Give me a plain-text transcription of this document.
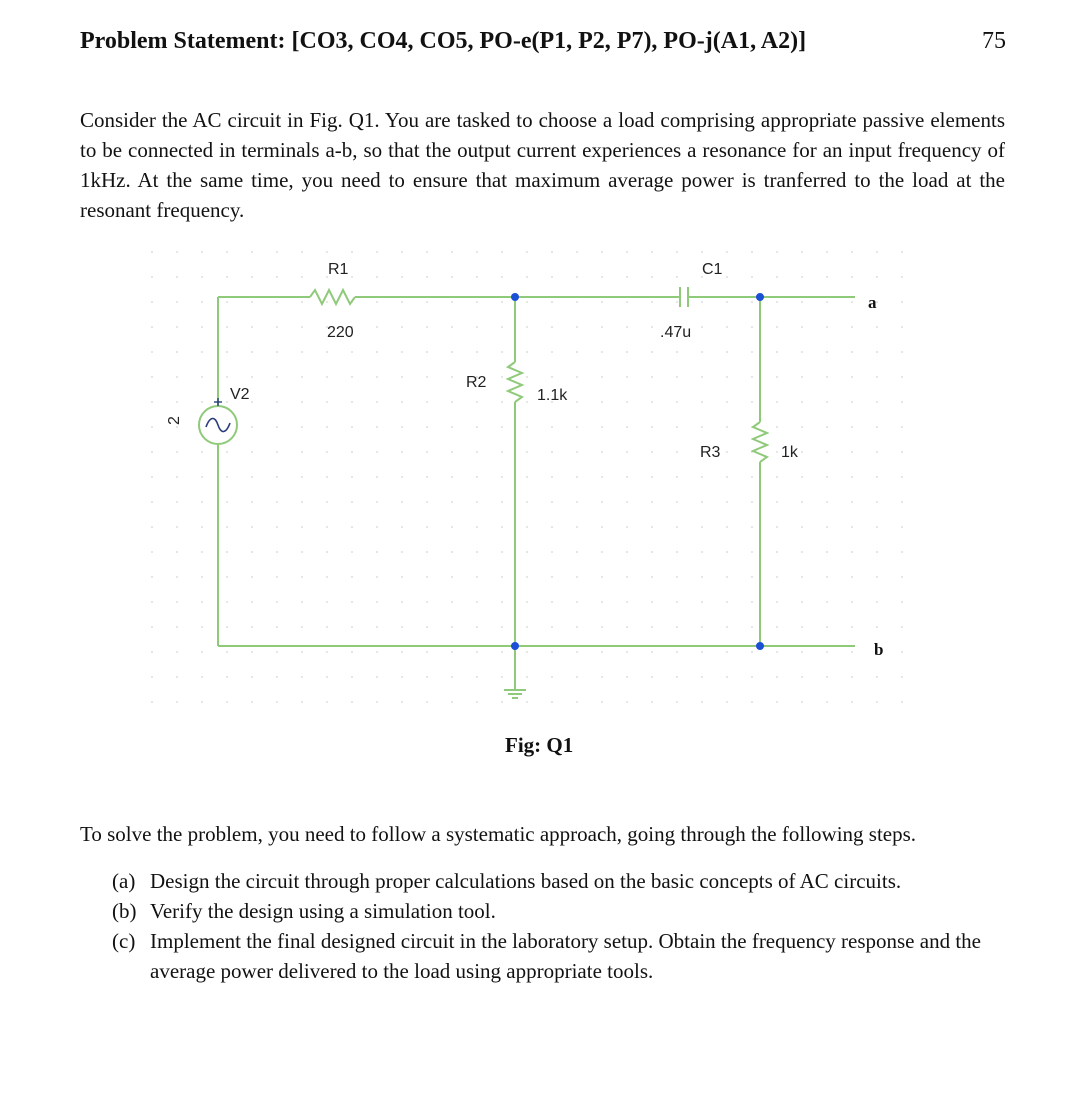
Problem Statement: [CO3, CO4, CO5, PO-e(P1, P2, P7), PO-j(A1, A2)]	75

Consider the AC circuit in Fig. Q1. You are tasked to choose a load comprising appropriate passive elements to be connected in terminals a-b, so that the output current experiences a resonance for an input frequency of 1kHz. At the same time, you need to ensure that maximum average power is tranferred to the load at the resonant frequency.

R1
220
C1
.47u
R2
1.1k
R3	1k
V2
2
a
b
Fig: Q1
To solve the problem, you need to follow a systematic approach, going through the following steps.
(a) Design the circuit through proper calculations based on the basic concepts of AC circuits.
(b) Verify the design using a simulation tool.
(c) Implement the final designed circuit in the laboratory setup. Obtain the frequency response and the average power delivered to the load using appropriate tools.
